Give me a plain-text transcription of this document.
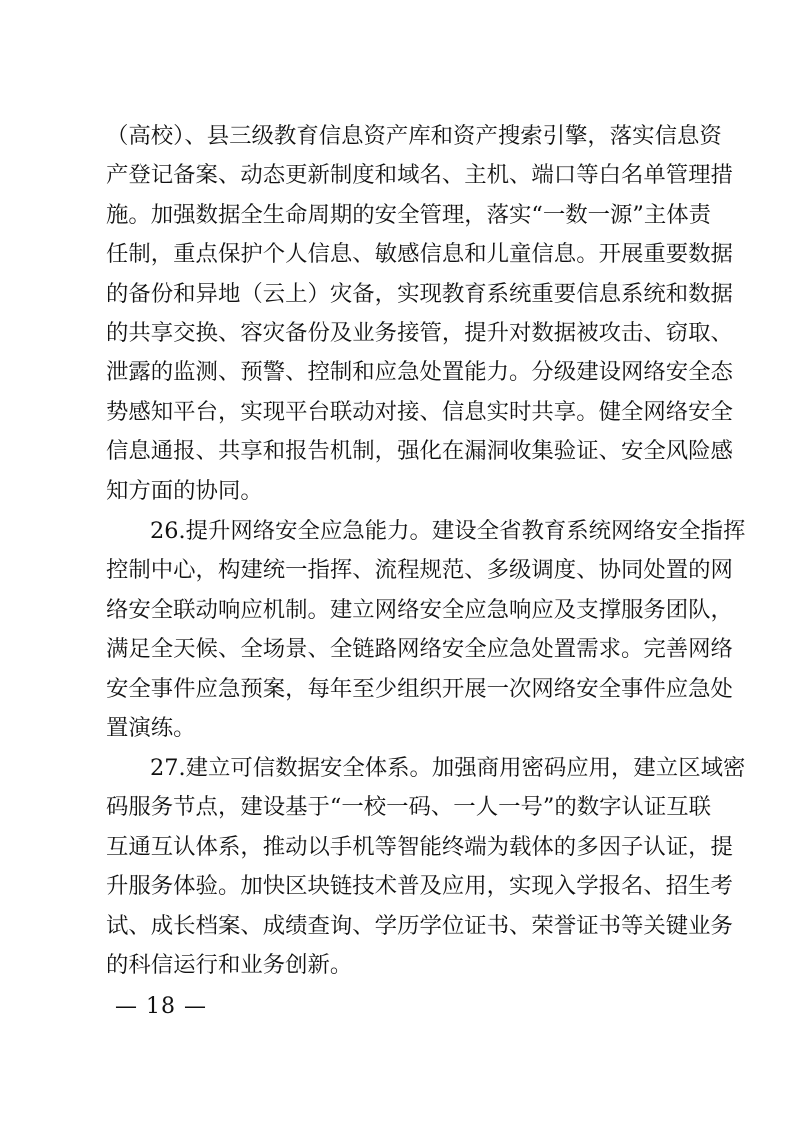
（高校）、县三级教育信息资产库和资产搜索引擎，落实信息资
产登记备案、动态更新制度和域名、主机、端口等白名单管理措
施。加强数据全生命周期的安全管理，落实“一数一源”主体责
任制，重点保护个人信息、敏感信息和儿童信息。开展重要数据
的备份和异地（云上）灾备，实现教育系统重要信息系统和数据
的共享交换、容灾备份及业务接管，提升对数据被攻击、窃取、
泄露的监测、预警、控制和应急处置能力。分级建设网络安全态
势感知平台，实现平台联动对接、信息实时共享。健全网络安全
信息通报、共享和报告机制，强化在漏洞收集验证、安全风险感
知方面的协同。
26.提升网络安全应急能力。建设全省教育系统网络安全指挥
控制中心，构建统一指挥、流程规范、多级调度、协同处置的网
络安全联动响应机制。建立网络安全应急响应及支撑服务团队，
满足全天候、全场景、全链路网络安全应急处置需求。完善网络
安全事件应急预案，每年至少组织开展一次网络安全事件应急处
置演练。
27.建立可信数据安全体系。加强商用密码应用，建立区域密
码服务节点，建设基于“一校一码、一人一号”的数字认证互联
互通互认体系，推动以手机等智能终端为载体的多因子认证，提
升服务体验。加快区块链技术普及应用，实现入学报名、招生考
试、成长档案、成绩查询、学历学位证书、荣誉证书等关键业务
的科信运行和业务创新。
— 18 —
